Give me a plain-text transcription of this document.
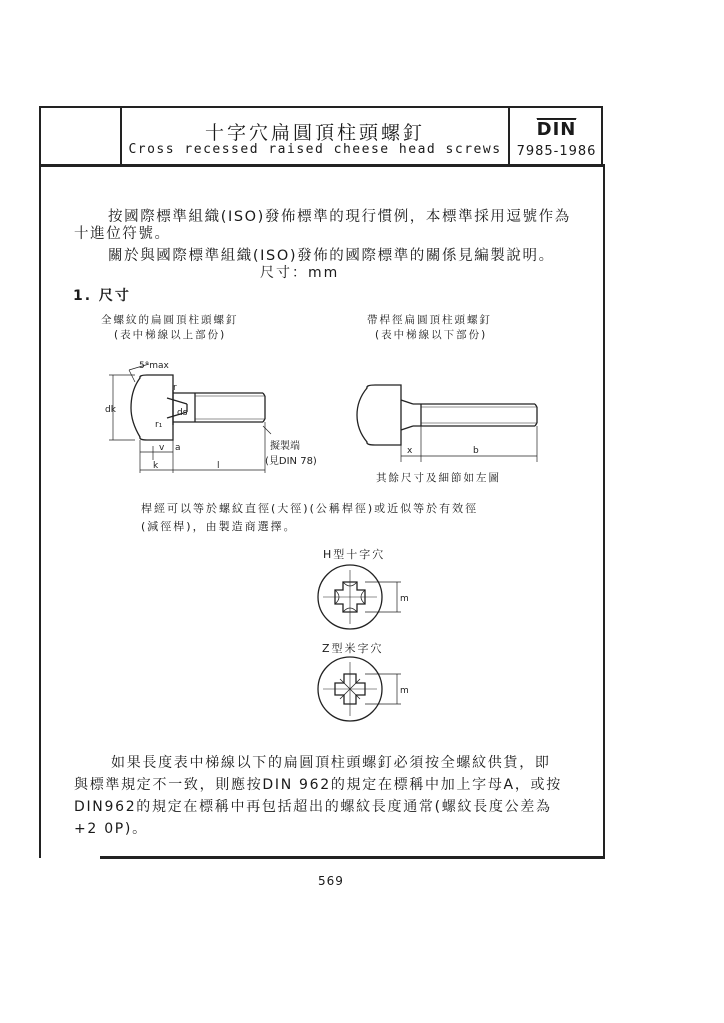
十字穴扁圓頂柱頭螺釘
Cross recessed raised cheese head screws
$\overline{DIN}$
7985-1986
按國際標準組織(ISO)發佈標準的現行慣例，本標準採用逗號作為
十進位符號。
關於與國際標準組織(ISO)發佈的國際標準的關係見編製說明。
尺寸：mm
1. 尺寸
全螺紋的扁圓頂柱頭螺釘
(表中梯線以上部份)
帶桿徑扁圓頂柱頭螺釘
(表中梯線以下部份)
5°max
dk	ds
r₁
r
k
v a
l
擬製端
(見DIN 78)
x	b
其餘尺寸及細節如左圖
桿經可以等於螺紋直徑(大徑)(公稱桿徑)或近似等於有效徑
(減徑桿)，由製造商選擇。
H型十字穴
m
Z型米字穴
m
如果長度表中梯線以下的扁圓頂柱頭螺釘必須按全螺紋供貨，即
與標準規定不一致，則應按DIN 962的規定在標稱中加上字母A，或按
DIN962的規定在標稱中再包括超出的螺紋長度通常(螺紋長度公差為
+2 0P)。
569
